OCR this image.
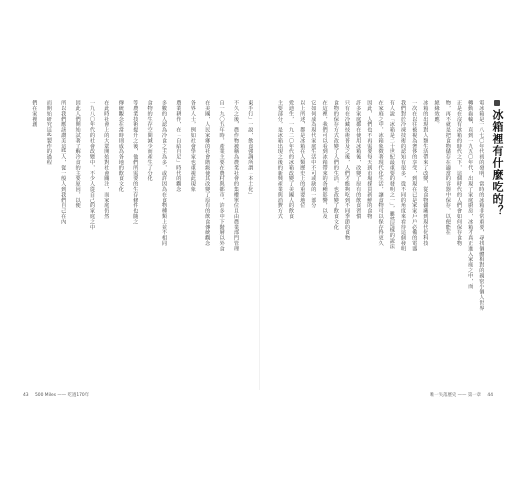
東手行」一說，飲食強調所謂「本土化」
不久之後，農作物被稱為農業社會的集權單位且由農業部門管理
自一九〇五年時，產業主要在農村與都市，許多中下階層以外食
在美國，人民家鄉的社會階級使其改變了原有的飲食傳統觀念
各界人士，例如社會學家也重視此現象
農業耕作，在「自給自足」時代的觀念
多數的人認為冷食之主為多，或許因為在食物種類上並不相同
食物的生存空間減少而產生了分化
等農業技術提升之後，他們所需要的生存條件也隨之
傳統觀念在當時則成為各地的飲食文化
在此時社會上的大眾開始對社會關注，而家庭仍然
一九八〇年代的社會改變中，不少人從自己的家庭之中
因此人們開始試著了解冷食的主要原因，以便
所以我們應該讚美這些人，從一般人到我們自己在內
而開始研究這些製作的過程
們在家裡創	冰箱裡有什麼吃的？
電冰箱是一八七〇年代初的發明，當時的冰箱非常重要，尋找個體相對的親密小個人世界
轉動齒輪，直到一九五〇年代，出現了家庭廚房，冰箱才真正進入家庭之中，而
正是在沒有冰箱的時代之下，這個時代的人們會如何保存食物
物，再不就是把食物儲存在適當的容器中保存，以便能在
絕緣效應。
冰箱的出現對人類生活帶來了改變，從食物儲藏到現代化科技
一次在以往被視為奢侈的享受，到現在已是家家戶戶必備的電器
我們對於冷凍技術的認知有很多，從不同的角度來看待這個發明
有人說「冰箱是二十世紀最重要的發明之一」，雖然這樣的說法
在家庭之中，冰箱象徵著現代化生活，讓食物可以保存得更久
因此，人們也不再需要每天到市場採買新鮮的食物
許多家庭都在使用冰箱後，改變了原有的飲食習慣
只有在冷藏技術普及之後，人們才能夠吃到不同季節的食物
食物的保存方式改變了人們的生活，也改變了飲食文化
在這裡，我們可以看到冰箱帶來的各種影響，以及
它如何成為現代家庭生活中不可或缺的一部分
以上所述，都是冰箱在人類歷史上的重要地位
愛迪生，一九二〇年代的冰箱改變了美國人的飲食
主要部分，是冰箱出現之後的新興產業與消費方式
43 500 Miles —— 吃過170年	唯一失落歷史 —— 第一章 44
